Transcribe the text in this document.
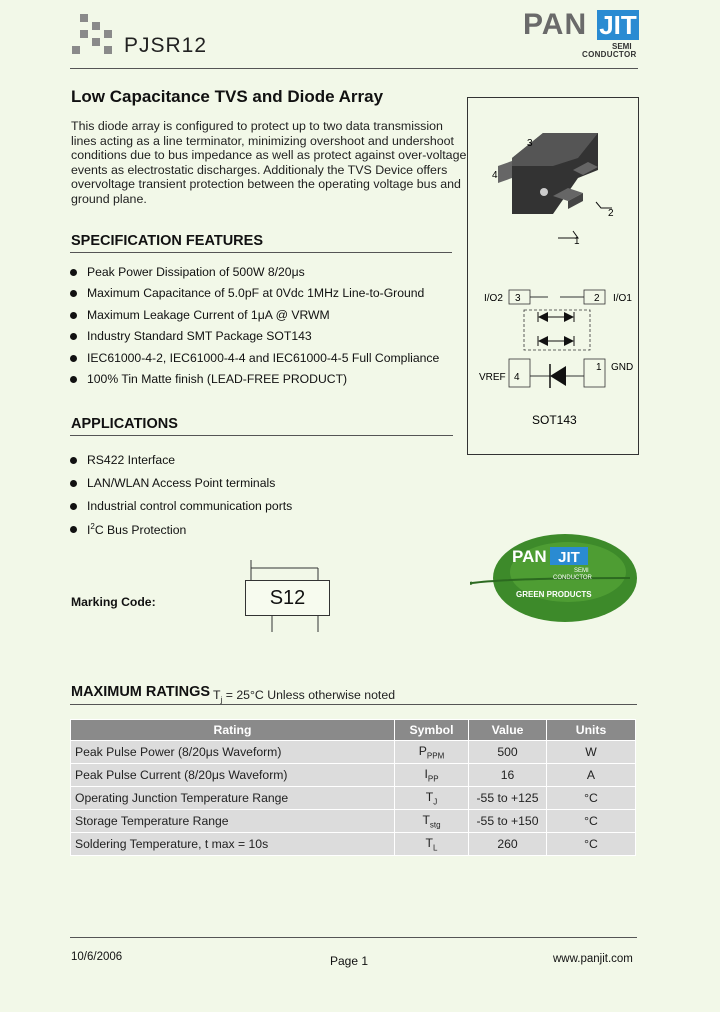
PJSR12
PAN JIT
SEMI
CONDUCTOR
Low Capacitance TVS and Diode Array
This diode array is configured to protect up to two data transmission lines acting as a line terminator, minimizing overshoot and undershoot conditions due to bus impedance as well as protect against over-voltage events as electrostatic discharges. Additionaly the TVS Device offers overvoltage transient protection between the operating voltage bus and ground plane.
3
4
2
1
I/O2	I/O1
VREF
GND
3	2
1
4
SOT143
SPECIFICATION FEATURES
Peak Power Dissipation of 500W 8/20μs
Maximum Capacitance of 5.0pF at 0Vdc 1MHz Line-to-Ground
Maximum Leakage Current of 1μA @ VRWM
Industry Standard SMT Package SOT143
IEC61000-4-2, IEC61000-4-4 and IEC61000-4-5 Full Compliance
100% Tin Matte finish (LEAD-FREE PRODUCT)
APPLICATIONS
RS422 Interface
LAN/WLAN Access Point terminals
Industrial control communication ports
$I^2C$ Bus Protection
PAN JIT
SEMI
CONDUCTOR
GREEN PRODUCTS
Marking Code:	S12
MAXIMUM RATINGS $T_j = 25^\circ C$ Unless otherwise noted
Rating	Symbol	Value	Units
Peak Pulse Power (8/20μs Waveform)	$P_{PPM}$	500	W
Peak Pulse Current (8/20μs Waveform)	$I_{PP}$	16	A
Operating Junction Temperature Range	$T_J$	-55 to +125	°C
Storage Temperature Range	$T_{stg}$	-55 to +150	°C
Soldering Temperature, t max = 10s	$T_L$	260	°C
10/6/2006	Page 1	www.panjit.com
